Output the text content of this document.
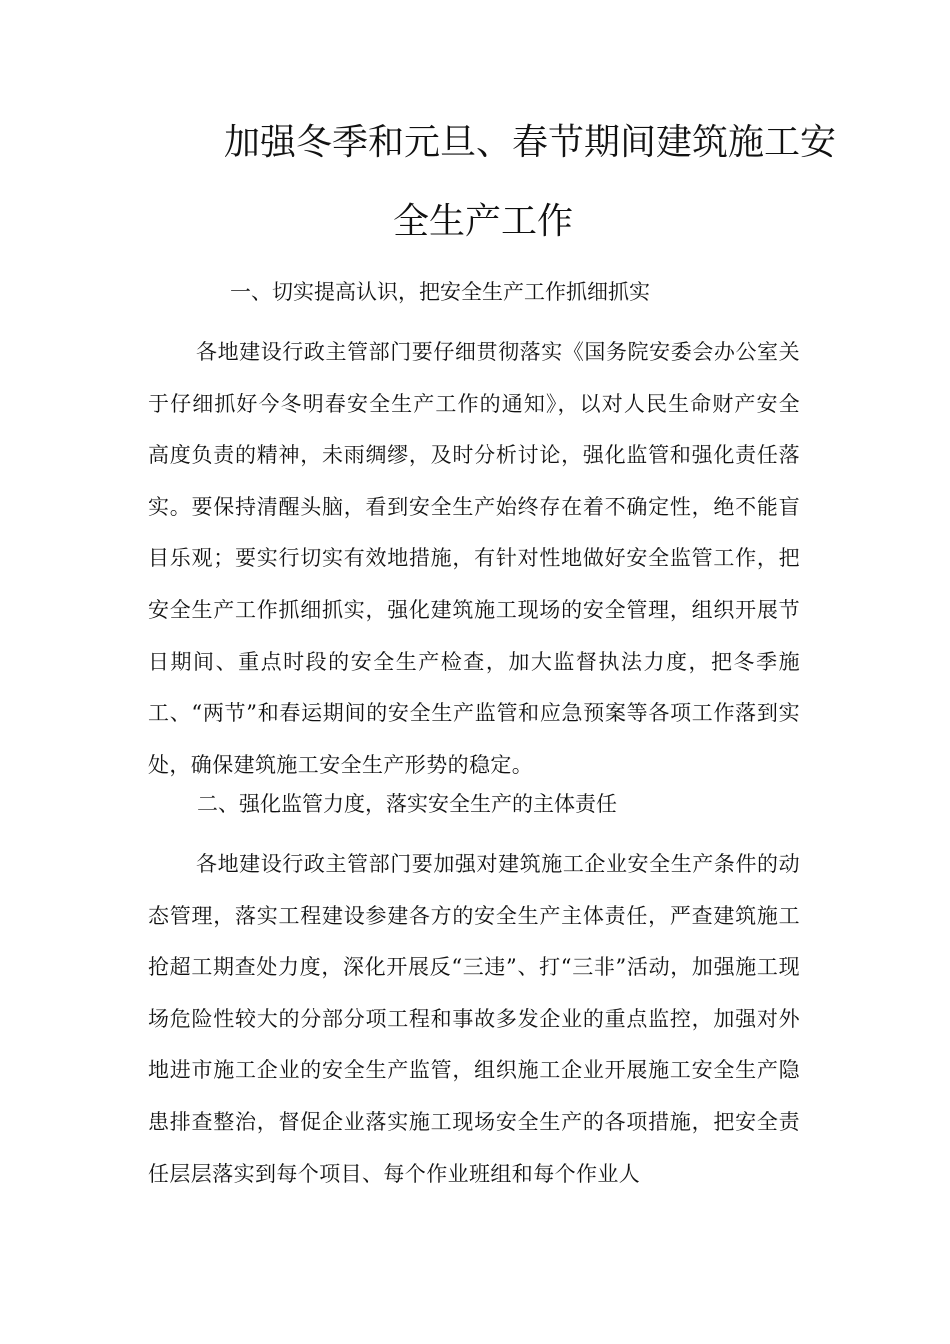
加强冬季和元旦、春节期间建筑施工安
全生产工作
一、切实提高认识，把安全生产工作抓细抓实

各地建设行政主管部门要仔细贯彻落实《国务院安委会办公室关于仔细抓好今冬明春安全生产工作的通知》，以对人民生命财产安全高度负责的精神，未雨绸缪，及时分析讨论，强化监管和强化责任落实。要保持清醒头脑，看到安全生产始终存在着不确定性，绝不能盲目乐观；要实行切实有效地措施，有针对性地做好安全监管工作，把安全生产工作抓细抓实，强化建筑施工现场的安全管理，组织开展节日期间、重点时段的安全生产检查，加大监督执法力度，把冬季施工、“两节”和春运期间的安全生产监管和应急预案等各项工作落到实处，确保建筑施工安全生产形势的稳定。

二、强化监管力度，落实安全生产的主体责任

各地建设行政主管部门要加强对建筑施工企业安全生产条件的动态管理，落实工程建设参建各方的安全生产主体责任，严查建筑施工抢超工期查处力度，深化开展反“三违”、打“三非”活动，加强施工现场危险性较大的分部分项工程和事故多发企业的重点监控，加强对外地进市施工企业的安全生产监管，组织施工企业开展施工安全生产隐患排查整治，督促企业落实施工现场安全生产的各项措施，把安全责任层层落实到每个项目、每个作业班组和每个作业人
